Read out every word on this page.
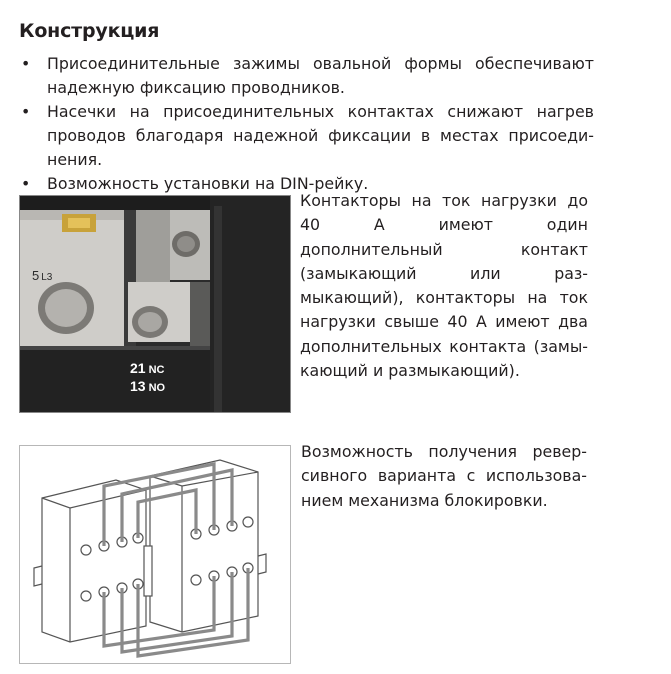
Конструкция
• Присоединительные зажимы овальной формы обеспечивают надежную фиксацию проводников.
• Насечки на присоединительных контактах снижают нагрев проводов благодаря надежной фиксации в местах присоеди-нения.
• Возможность установки на DIN-рейку.
5 L3
21 NC
13 NO
Контакторы на ток нагрузки до 40 А имеют один дополнительный контакт (замыкающий или раз-мыкающий), контакторы на ток нагрузки свыше 40 А имеют два дополнительных контакта (замы-кающий и размыкающий).
Возможность получения ревер-сивного варианта с использова-нием механизма блокировки.
